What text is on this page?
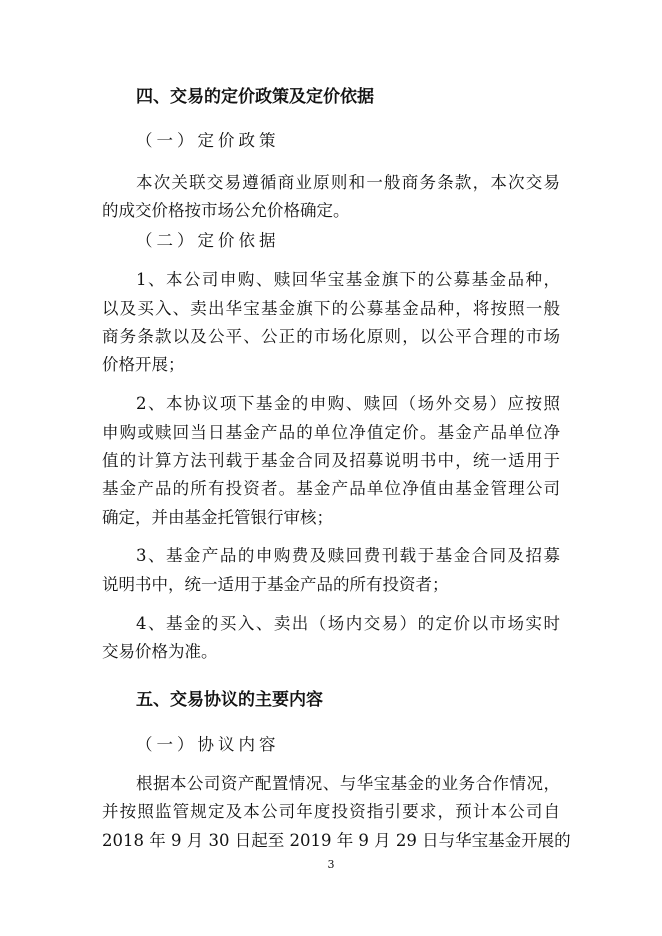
四、交易的定价政策及定价依据
（一）定价政策
本次关联交易遵循商业原则和一般商务条款，本次交易
的成交价格按市场公允价格确定。
（二）定价依据
1、本公司申购、赎回华宝基金旗下的公募基金品种，
以及买入、卖出华宝基金旗下的公募基金品种，将按照一般
商务条款以及公平、公正的市场化原则，以公平合理的市场
价格开展；
2、本协议项下基金的申购、赎回（场外交易）应按照
申购或赎回当日基金产品的单位净值定价。基金产品单位净
值的计算方法刊载于基金合同及招募说明书中，统一适用于
基金产品的所有投资者。基金产品单位净值由基金管理公司
确定，并由基金托管银行审核；
3、基金产品的申购费及赎回费刊载于基金合同及招募
说明书中，统一适用于基金产品的所有投资者；
4、基金的买入、卖出（场内交易）的定价以市场实时
交易价格为准。
五、交易协议的主要内容
（一）协议内容
根据本公司资产配置情况、与华宝基金的业务合作情况，
并按照监管规定及本公司年度投资指引要求，预计本公司自
2018 年 9 月 30 日起至 2019 年 9 月 29 日与华宝基金开展的
3
